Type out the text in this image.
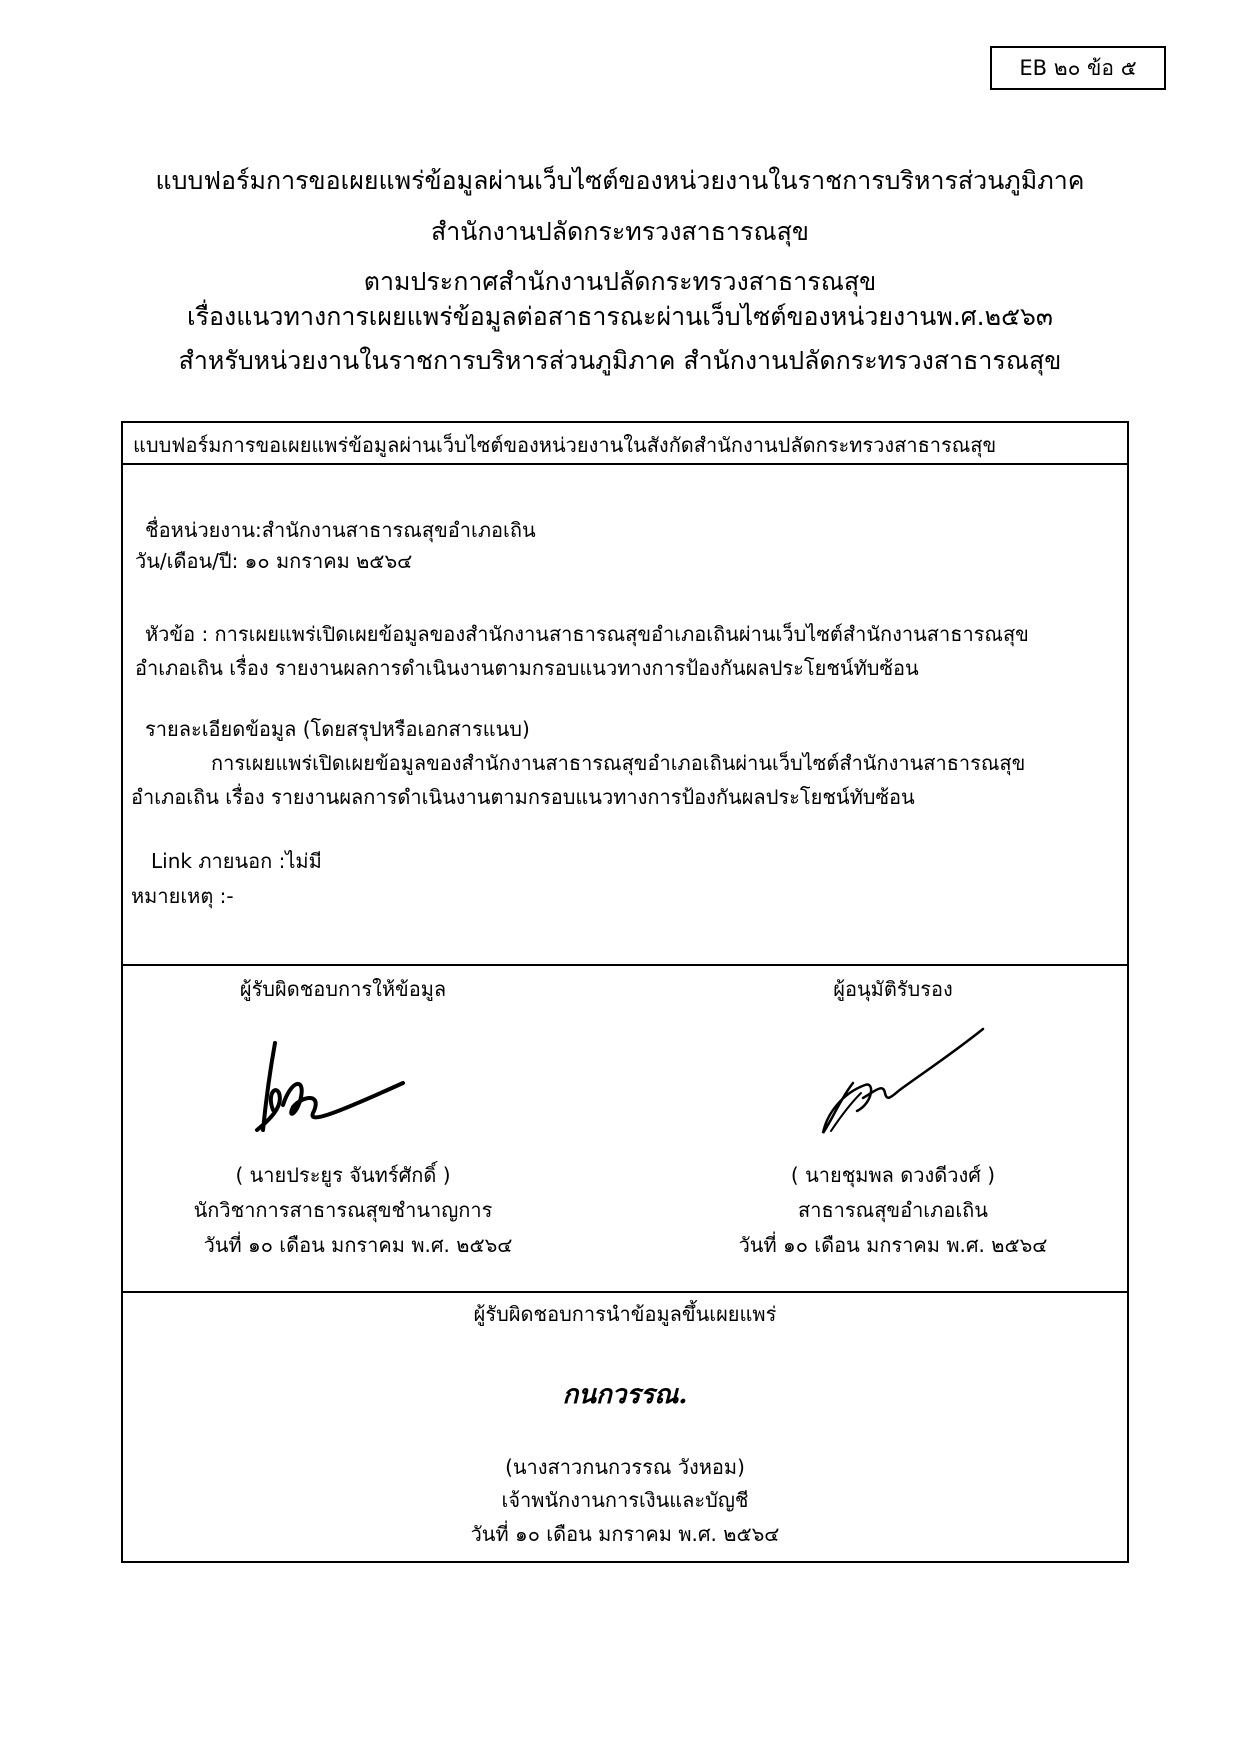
EB ๒๐ ข้อ ๕
แบบฟอร์มการขอเผยแพร่ข้อมูลผ่านเว็บไซต์ของหน่วยงานในราชการบริหารส่วนภูมิภาค
สำนักงานปลัดกระทรวงสาธารณสุข
ตามประกาศสำนักงานปลัดกระทรวงสาธารณสุข
เรื่องแนวทางการเผยแพร่ข้อมูลต่อสาธารณะผ่านเว็บไซต์ของหน่วยงานพ.ศ.๒๕๖๓
สำหรับหน่วยงานในราชการบริหารส่วนภูมิภาค สำนักงานปลัดกระทรวงสาธารณสุข
แบบฟอร์มการขอเผยแพร่ข้อมูลผ่านเว็บไซต์ของหน่วยงานในสังกัดสำนักงานปลัดกระทรวงสาธารณสุข
ชื่อหน่วยงาน:สำนักงานสาธารณสุขอำเภอเถิน
วัน/เดือน/ปี: ๑๐ มกราคม ๒๕๖๔
หัวข้อ : การเผยแพร่เปิดเผยข้อมูลของสำนักงานสาธารณสุขอำเภอเถินผ่านเว็บไซต์สำนักงานสาธารณสุข
อำเภอเถิน เรื่อง รายงานผลการดำเนินงานตามกรอบแนวทางการป้องกันผลประโยชน์ทับซ้อน
รายละเอียดข้อมูล (โดยสรุปหรือเอกสารแนบ)
การเผยแพร่เปิดเผยข้อมูลของสำนักงานสาธารณสุขอำเภอเถินผ่านเว็บไซต์สำนักงานสาธารณสุข
อำเภอเถิน เรื่อง รายงานผลการดำเนินงานตามกรอบแนวทางการป้องกันผลประโยชน์ทับซ้อน
Link ภายนอก :ไม่มี
หมายเหตุ :-
ผู้รับผิดชอบการให้ข้อมูล
( นายประยูร จันทร์ศักดิ์ )
นักวิชาการสาธารณสุขชำนาญการ
วันที่ ๑๐ เดือน มกราคม พ.ศ. ๒๕๖๔
ผู้อนุมัติรับรอง
( นายชุมพล ดวงดีวงศ์ )
สาธารณสุขอำเภอเถิน
วันที่ ๑๐ เดือน มกราคม พ.ศ. ๒๕๖๔
ผู้รับผิดชอบการนำข้อมูลขึ้นเผยแพร่
กนกวรรณ.
(นางสาวกนกวรรณ วังหอม)
เจ้าพนักงานการเงินและบัญชี
วันที่ ๑๐ เดือน มกราคม พ.ศ. ๒๕๖๔
